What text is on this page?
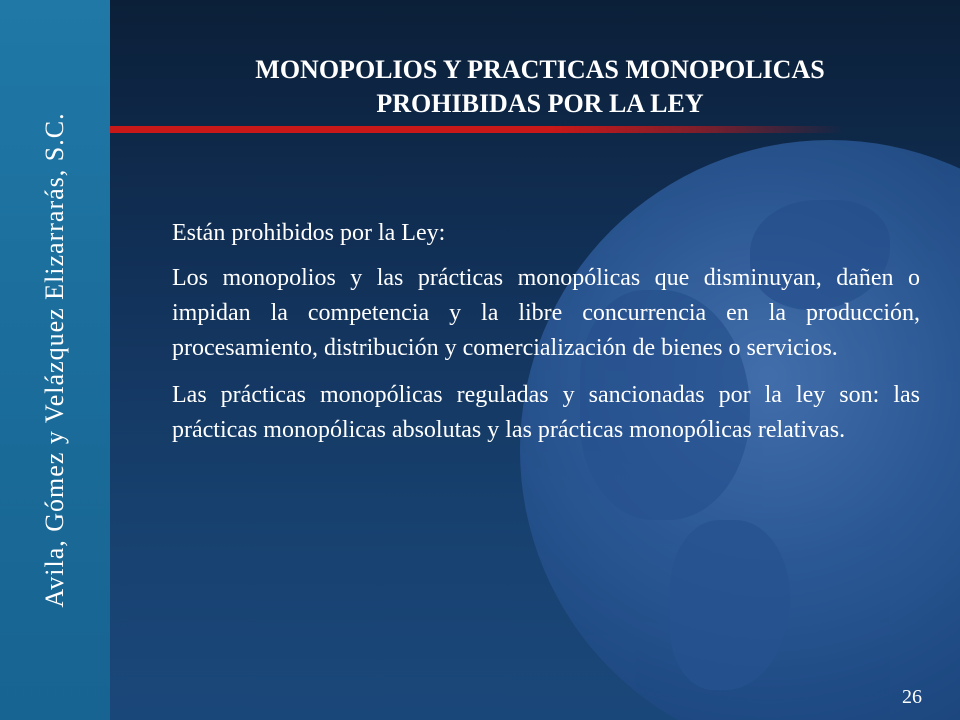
Avila, Gómez y Velázquez Elizarrarás, S.C.
MONOPOLIOS Y PRACTICAS MONOPOLICAS
PROHIBIDAS POR LA LEY

Están prohibidos por la Ley:

Los monopolios y las prácticas monopólicas que disminuyan, dañen o impidan la competencia y la libre concurrencia en la producción, procesamiento, distribución y comercialización de bienes o servicios.

Las prácticas monopólicas reguladas y sancionadas por la ley son: las prácticas monopólicas absolutas y las prácticas monopólicas relativas.

26
